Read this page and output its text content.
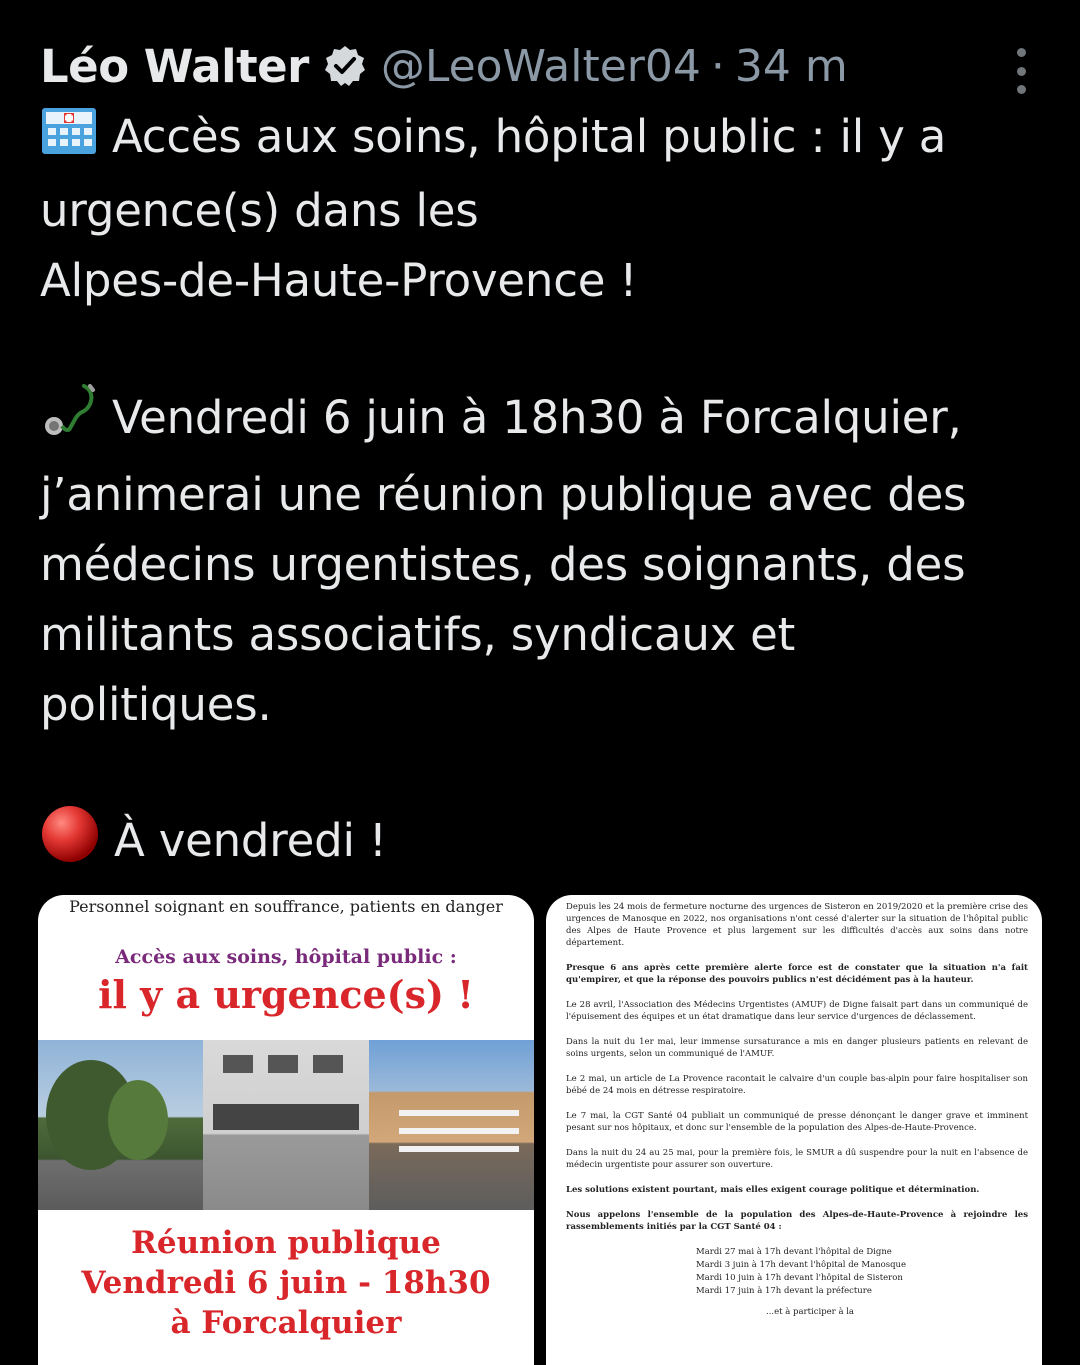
Léo Walter @LeoWalter04 · 34 m
Accès aux soins, hôpital public : il y a
urgence(s) dans les
Alpes-de-Haute-Provence !
Vendredi 6 juin à 18h30 à Forcalquier,
j’animerai une réunion publique avec des
médecins urgentistes, des soignants, des
militants associatifs, syndicaux et
politiques.
À vendredi !
Personnel soignant en souffrance, patients en danger
Accès aux soins, hôpital public :
il y a urgence(s) !
Réunion publique
Vendredi 6 juin - 18h30
à Forcalquier

Depuis les 24 mois de fermeture nocturne des urgences de Sisteron en 2019/2020 et la première crise des urgences de Manosque en 2022, nos organisations n'ont cessé d'alerter sur la situation de l'hôpital public des Alpes de Haute Provence et plus largement sur les difficultés d'accès aux soins dans notre département.

Presque 6 ans après cette première alerte force est de constater que la situation n'a fait qu'empirer, et que la réponse des pouvoirs publics n'est décidément pas à la hauteur.

Le 28 avril, l'Association des Médecins Urgentistes (AMUF) de Digne faisait part dans un communiqué de l'épuisement des équipes et un état dramatique dans leur service d'urgences de déclassement.

Dans la nuit du 1er mai, leur immense sursaturance a mis en danger plusieurs patients en relevant de soins urgents, selon un communiqué de l'AMUF.

Le 2 mai, un article de La Provence racontait le calvaire d'un couple bas-alpin pour faire hospitaliser son bébé de 24 mois en détresse respiratoire.

Le 7 mai, la CGT Santé 04 publiait un communiqué de presse dénonçant le danger grave et imminent pesant sur nos hôpitaux, et donc sur l'ensemble de la population des Alpes-de-Haute-Provence.

Dans la nuit du 24 au 25 mai, pour la première fois, le SMUR a dû suspendre pour la nuit en l'absence de médecin urgentiste pour assurer son ouverture.

Les solutions existent pourtant, mais elles exigent courage politique et détermination.

Nous appelons l'ensemble de la population des Alpes-de-Haute-Provence à rejoindre les rassemblements initiés par la CGT Santé 04 :

Mardi 27 mai à 17h devant l'hôpital de Digne
Mardi 3 juin à 17h devant l'hôpital de Manosque
Mardi 10 juin à 17h devant l'hôpital de Sisteron
Mardi 17 juin à 17h devant la préfecture
...et à participer à la
